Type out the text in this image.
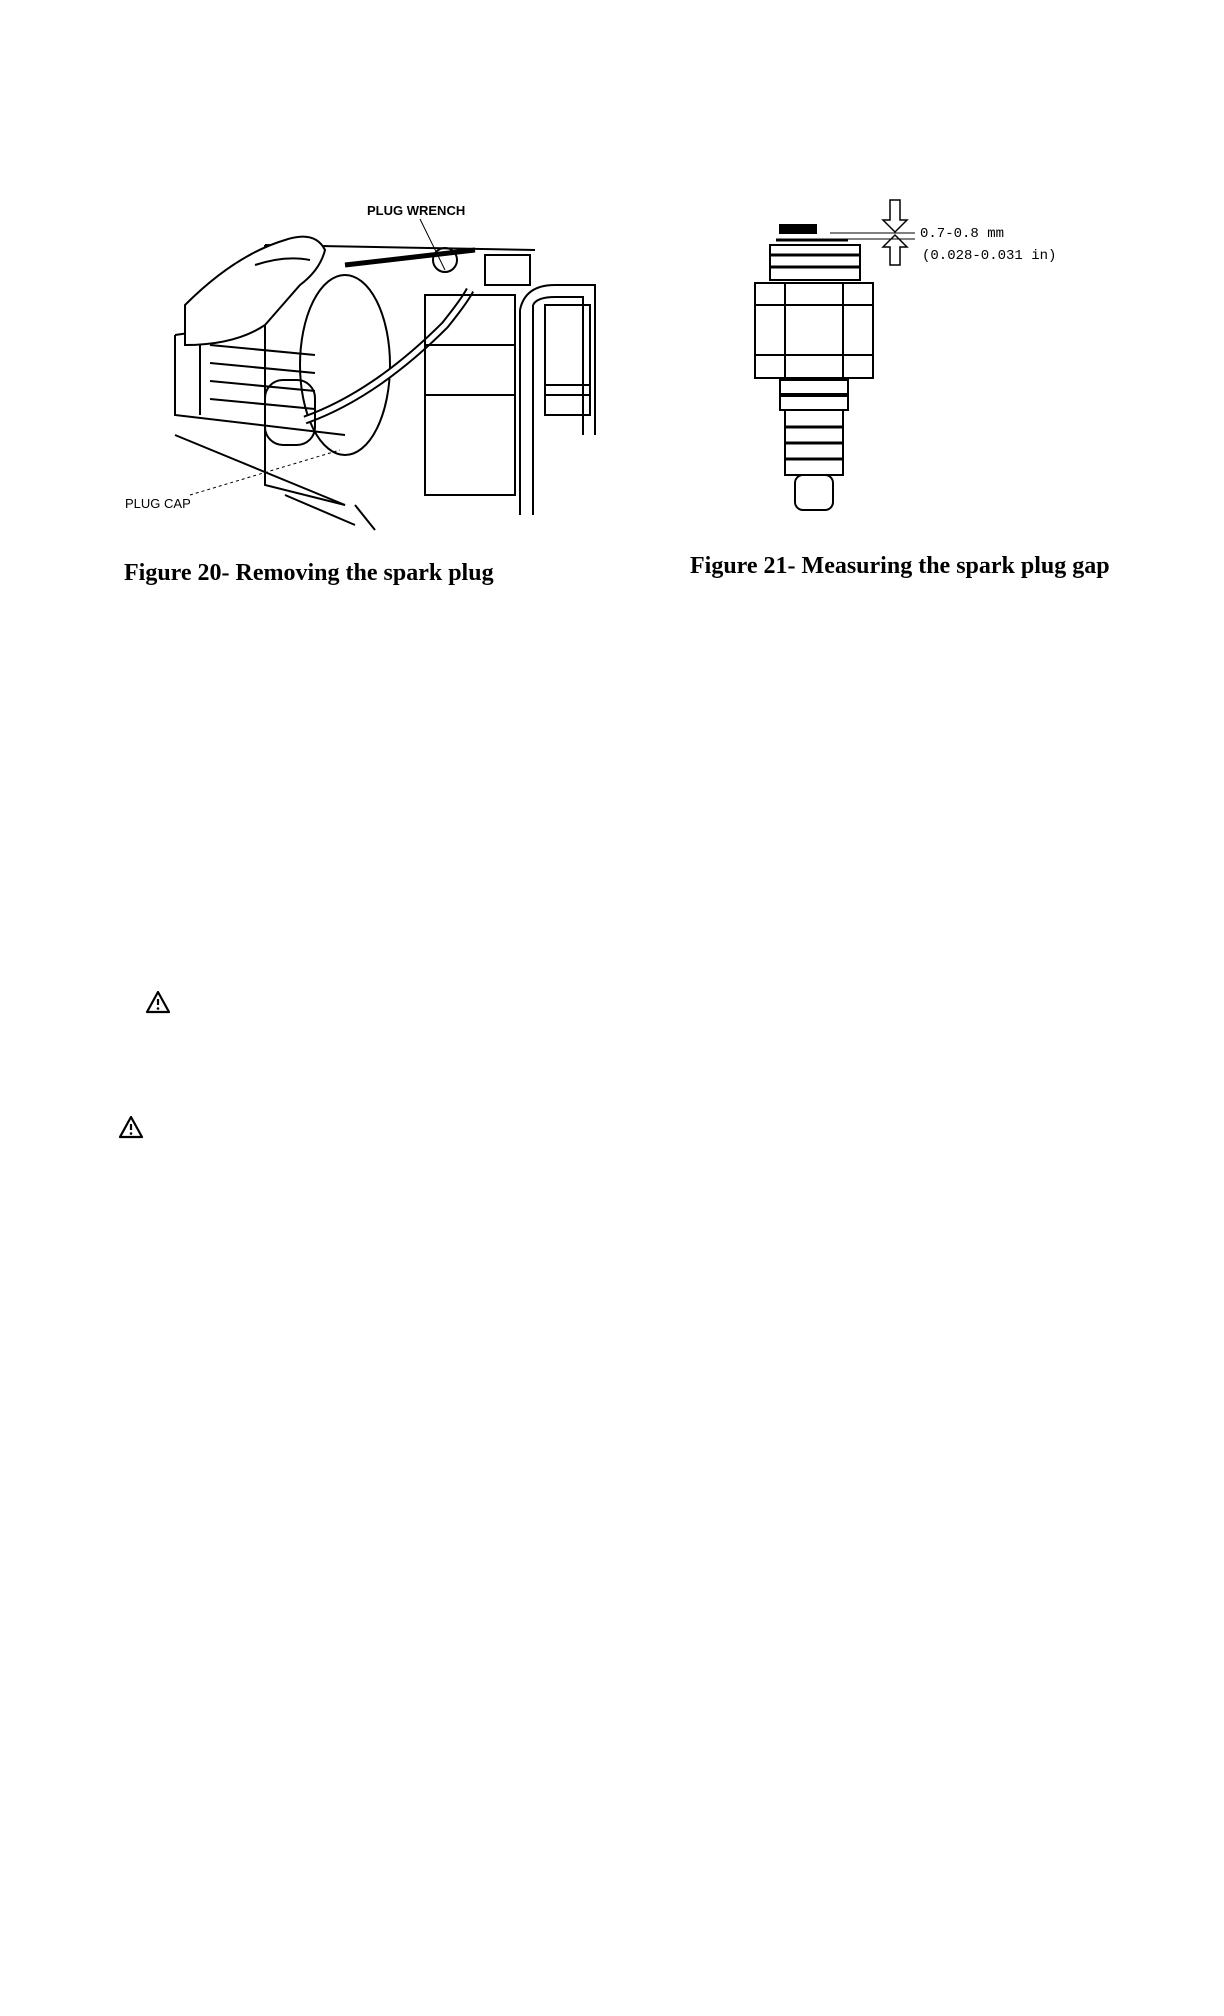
PLUG WRENCH
PLUG CAP
Figure 20- Removing the spark plug
0.7-0.8 mm
(0.028-0.031 in)
Figure 21- Measuring the spark plug gap
